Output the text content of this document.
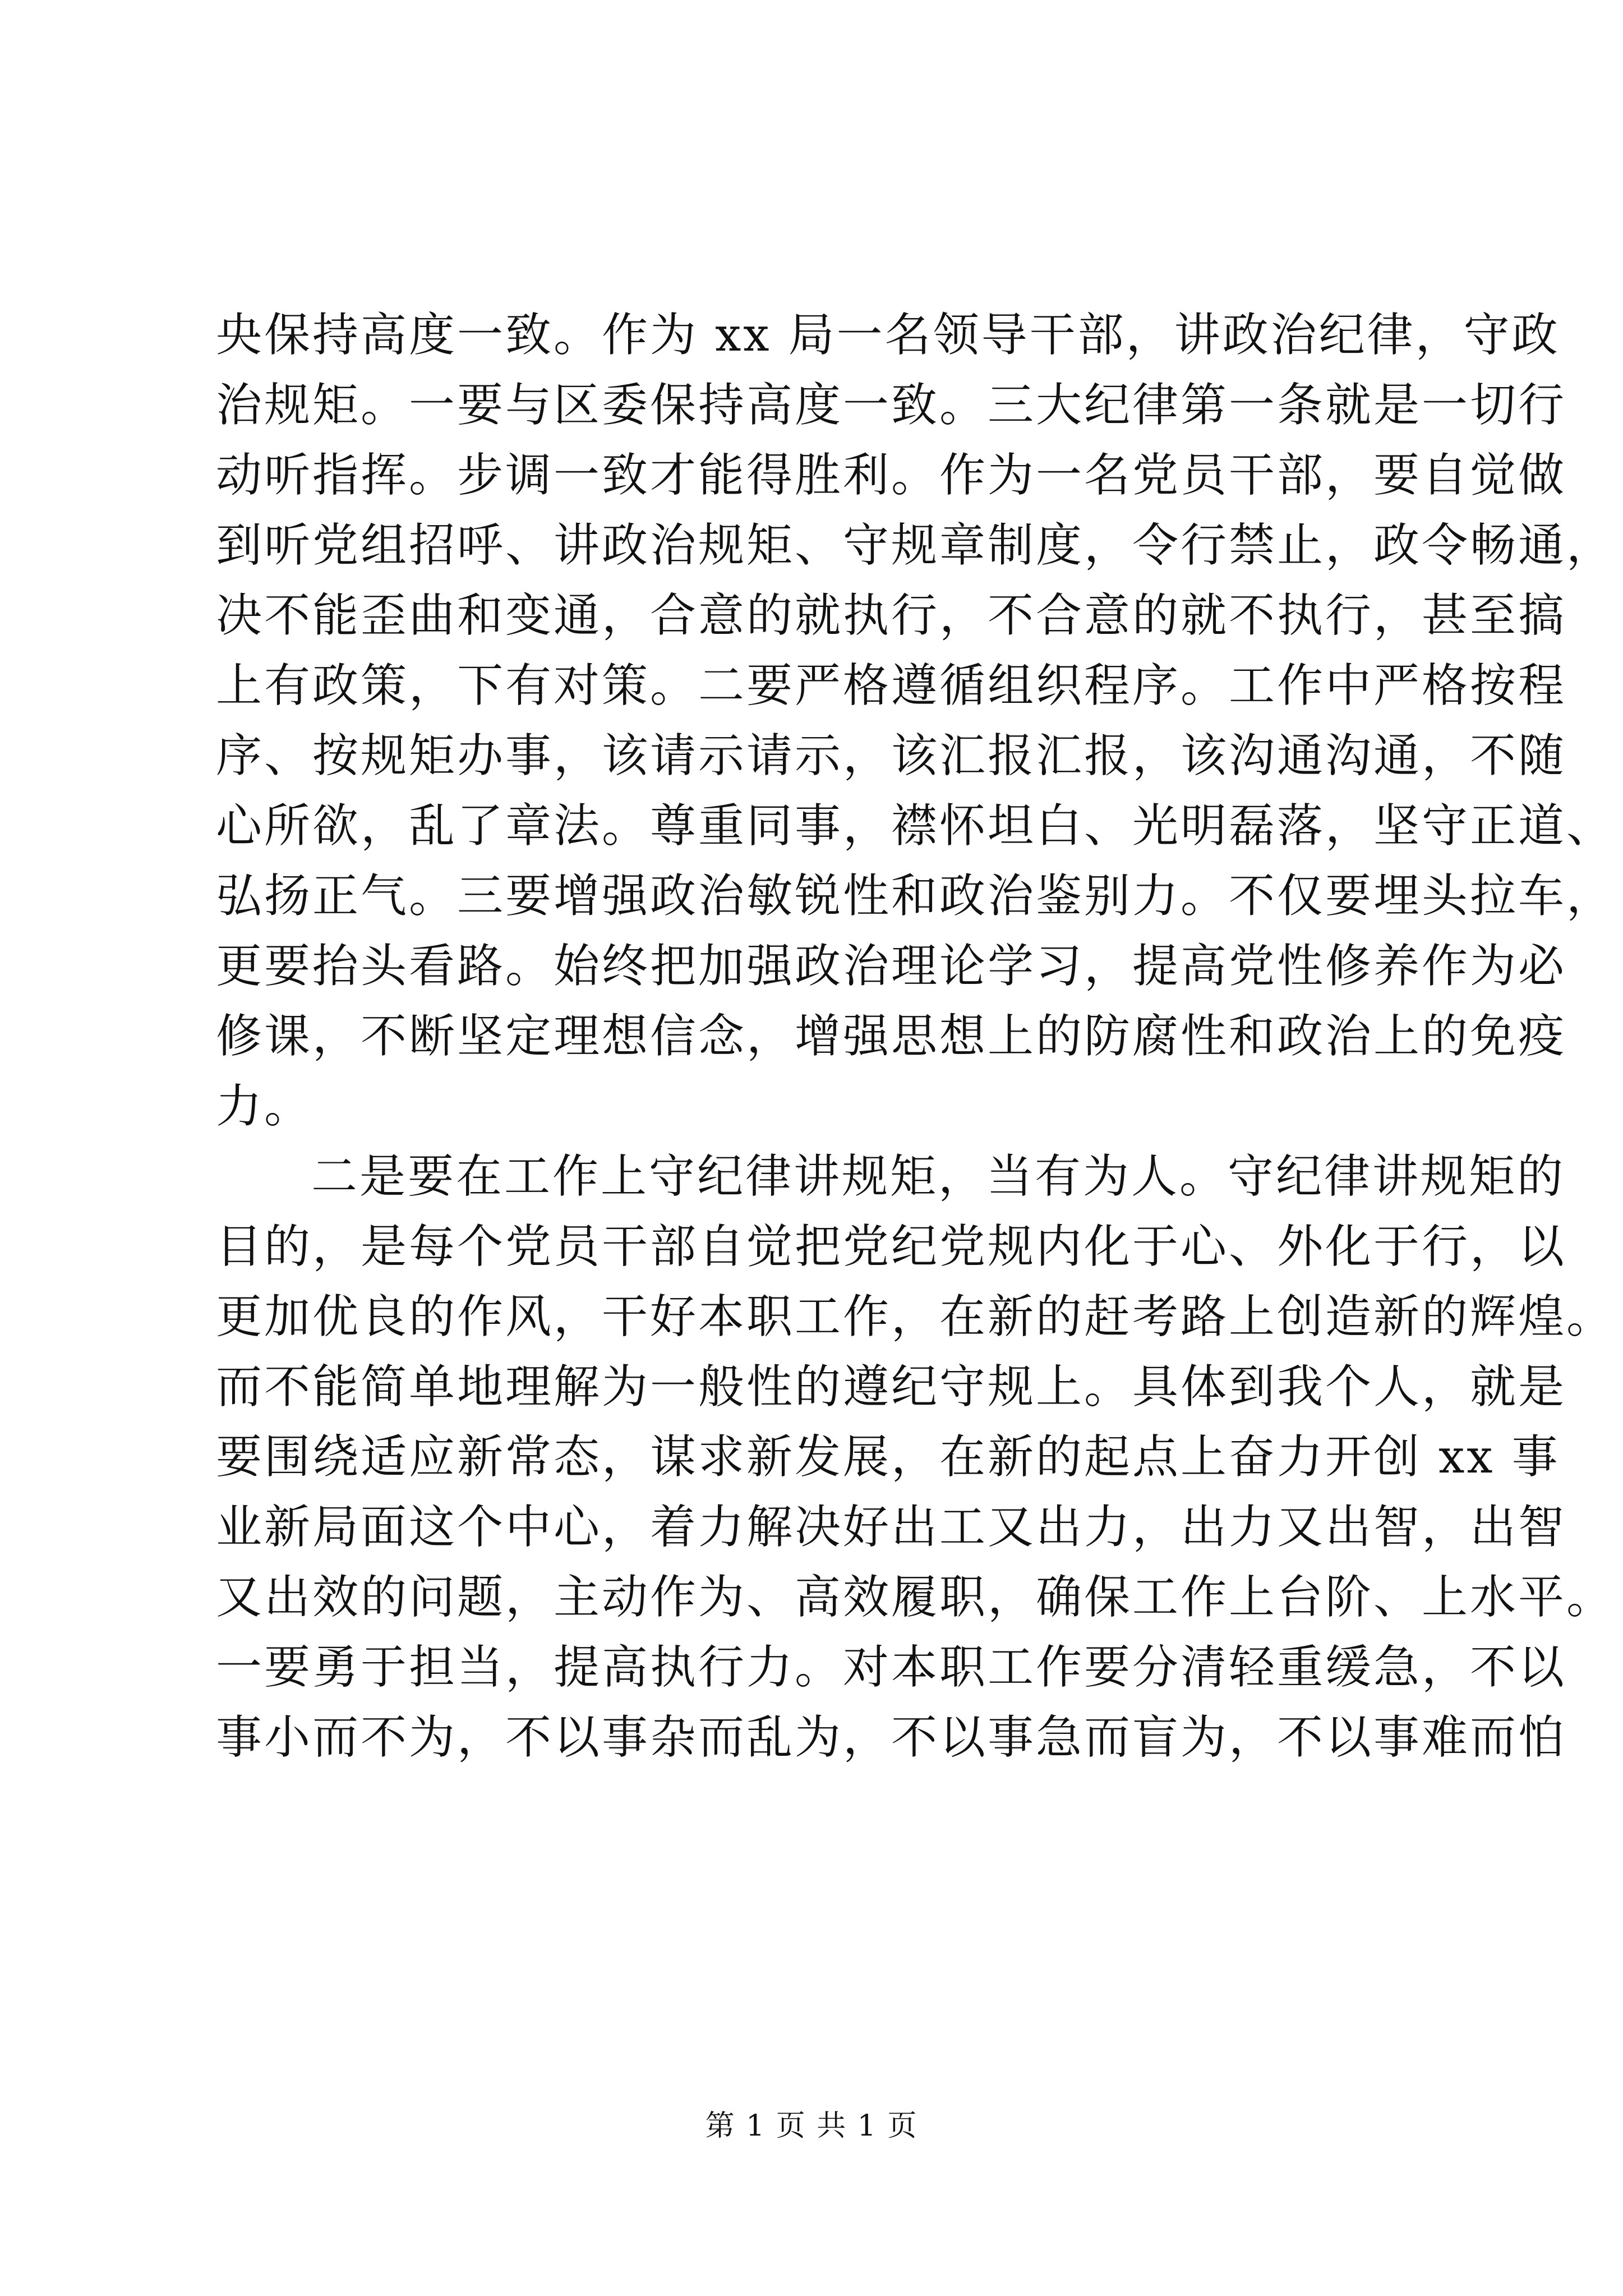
央保持高度一致。作为 xx 局一名领导干部，讲政治纪律，守政
治规矩。一要与区委保持高度一致。三大纪律第一条就是一切行
动听指挥。步调一致才能得胜利。作为一名党员干部，要自觉做
到听党组招呼、讲政治规矩、守规章制度，令行禁止，政令畅通，
决不能歪曲和变通，合意的就执行，不合意的就不执行，甚至搞
上有政策，下有对策。二要严格遵循组织程序。工作中严格按程
序、按规矩办事，该请示请示，该汇报汇报，该沟通沟通，不随
心所欲，乱了章法。尊重同事，襟怀坦白、光明磊落，坚守正道、
弘扬正气。三要增强政治敏锐性和政治鉴别力。不仅要埋头拉车，
更要抬头看路。始终把加强政治理论学习，提高党性修养作为必
修课，不断坚定理想信念，增强思想上的防腐性和政治上的免疫
力。
二是要在工作上守纪律讲规矩，当有为人。守纪律讲规矩的
目的，是每个党员干部自觉把党纪党规内化于心、外化于行，以
更加优良的作风，干好本职工作，在新的赶考路上创造新的辉煌。
而不能简单地理解为一般性的遵纪守规上。具体到我个人，就是
要围绕适应新常态，谋求新发展，在新的起点上奋力开创 xx 事
业新局面这个中心，着力解决好出工又出力，出力又出智，出智
又出效的问题，主动作为、高效履职，确保工作上台阶、上水平。
一要勇于担当，提高执行力。对本职工作要分清轻重缓急，不以
事小而不为，不以事杂而乱为，不以事急而盲为，不以事难而怕
第 1 页 共 1 页
